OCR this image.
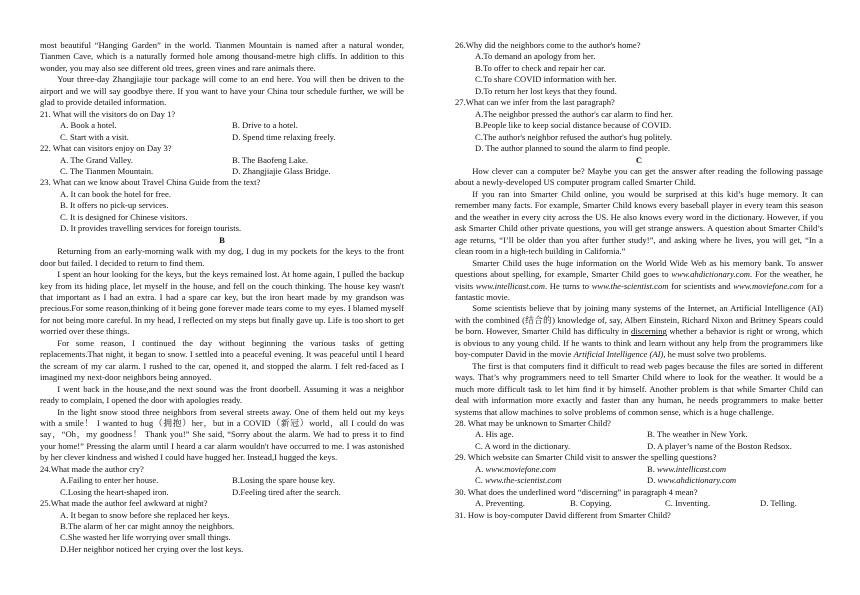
most beautiful “Hanging Garden” in the world. Tianmen Mountain is named after a natural wonder, Tianmen Cave, which is a naturally formed hole among thousand-metre high cliffs. In addition to this wonder, you may also see different old trees, green vines and rare animals there.

Your three-day Zhangjiajie tour package will come to an end here. You will then be driven to the airport and we will say goodbye there. If you want to have your China tour schedule further, we will be glad to provide detailed information.

21. What will the visitors do on Day 1?

A. Book a hotel.	B. Drive to a hotel.
C. Start with a visit.	D. Spend time relaxing freely.

22. What can visitors enjoy on Day 3?

A. The Grand Valley.	B. The Baofeng Lake.
C. The Tianmen Mountain.	D. Zhangjiajie Glass Bridge.

23. What can we know about Travel China Guide from the text?

A. It can book the hotel for free.

B. It offers no pick-up services.

C. It is designed for Chinese visitors.

D. It provides travelling services for foreign tourists.

B

Returning from an early-morning walk with my dog, I dug in my pockets for the keys to the front door but failed. I decided to return to find them.

I spent an hour looking for the keys, but the keys remained lost. At home again, I pulled the backup key from its hiding place, let myself in the house, and fell on the couch thinking. The house key wasn't that important as I had an extra. I had a spare car key, but the iron heart made by my grandson was precious.For some reason,thinking of it being gone forever made tears come to my eyes. I blamed myself for not being more careful. In my head, I reflected on my steps but finally gave up. Life is too short to get worried over these things.

For some reason, I continued the day without beginning the various tasks of getting replacements.That night, it began to snow. I settled into a peaceful evening. It was peaceful until I heard the scream of my car alarm. I rushed to the car, opened it, and stopped the alarm. I felt red-faced as I imagined my next-door neighbors being annoyed.

I went back in the house,and the next sound was the front doorbell. Assuming it was a neighbor ready to complain, I opened the door with apologies ready.

In the light snow stood three neighbors from several streets away. One of them held out my keys with a smile！ I wanted to hug（拥抱）her，but in a COVID（新冠）world，all I could do was say，“Oh，my goodness！ Thank you!” She said, “Sorry about the alarm. We had to press it to find your home!” Pressing the alarm until I heard a car alarm wouldn't have occurred to me. I was astonished by her clever kindness and wished I could have hugged her. Instead,I hugged the keys.

24.What made the author cry?

A.Failing to enter her house.	B.Losing the spare house key.
C.Losing the heart-shaped iron.	D.Feeling tired after the search.

25.What made the author feel awkward at night?

A. It began to snow before she replaced her keys.

B.The alarm of her car might annoy the neighbors.

C.She wasted her life worrying over small things.

D.Her neighbor noticed her crying over the lost keys.

26.Why did the neighbors come to the author's home?

A.To demand an apology from her.

B.To offer to check and repair her car.

C.To share COVID information with her.

D.To return her lost keys that they found.

27.What can we infer from the last paragraph?

A.The neighbor pressed the author's car alarm to find her.

B.People like to keep social distance because of COVID.

C.The author's neighbor refused the author's hug politely.

D. The author planned to sound the alarm to find people.

C

How clever can a computer be? Maybe you can get the answer after reading the following passage about a newly-developed US computer program called Smarter Child.

If you ran into Smarter Child online, you would be surprised at this kid’s huge memory. It can remember many facts. For example, Smarter Child knows every baseball player in every team this season and the weather in every city across the US. He also knows every word in the dictionary. However, if you ask Smarter Child other private questions, you will get strange answers. A question about Smarter Child’s age returns, “I’ll be older than you after further study!”, and asking where he lives, you will get, “In a clean room in a high-tech building in California.”

Smarter Child uses the huge information on the World Wide Web as his memory bank. To answer questions about spelling, for example, Smarter Child goes to www.ahdictionary.com. For the weather, he visits www.intellicast.com. He turns to www.the-scientist.com for scientists and www.moviefone.com for a fantastic movie.

Some scientists believe that by joining many systems of the Internet, an Artificial Intelligence (AI) with the combined (结合的) knowledge of, say, Albert Einstein, Richard Nixon and Britney Spears could be born. However, Smarter Child has difficulty in discerning whether a behavior is right or wrong, which is obvious to any young child. If he wants to think and learn without any help from the programmers like boy-computer David in the movie Artificial Intelligence (AI), he must solve two problems.

The first is that computers find it difficult to read web pages because the files are sorted in different ways. That’s why programmers need to tell Smarter Child where to look for the weather. It would be a much more difficult task to let him find it by himself. Another problem is that while Smarter Child can deal with information more exactly and faster than any human, he needs programmers to make better systems that allow machines to solve problems of common sense, which is a huge challenge.

28. What may be unknown to Smarter Child?

A. His age.	B. The weather in New York.
C. A word in the dictionary.	D. A player’s name of the Boston Redsox.

29. Which website can Smarter Child visit to answer the spelling questions?

A. www.moviefone.com	B. www.intellicast.com
C. www.the-scientist.com	D. www.ahdictionary.com

30. What does the underlined word “discerning” in paragraph 4 mean?

A. Preventing.	B. Copying.	C. Inventing.	D. Telling.

31. How is boy-computer David different from Smarter Child?
